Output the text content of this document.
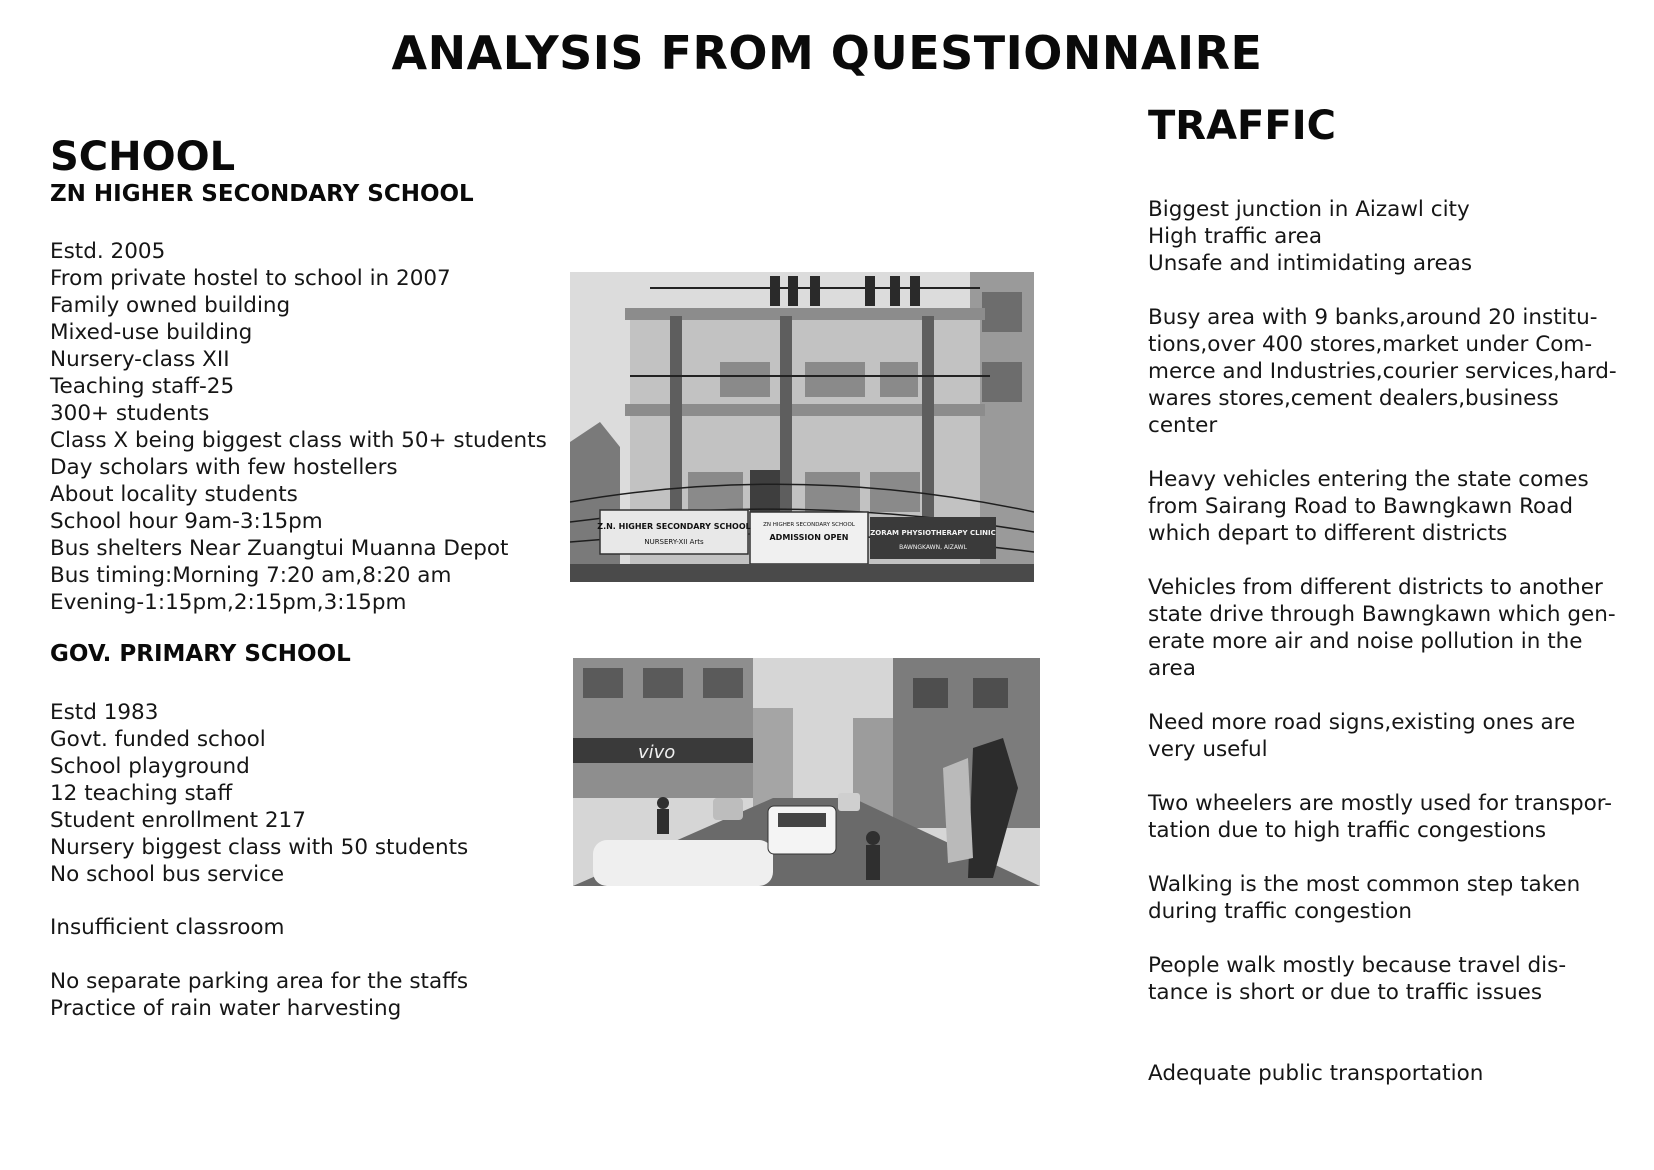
ANALYSIS FROM QUESTIONNAIRE
SCHOOL
ZN HIGHER SECONDARY SCHOOL
Estd. 2005
From private hostel to school in 2007
Family owned building
Mixed-use building
Nursery-class XII
Teaching staff-25
300+ students
Class X being biggest class with 50+ students
Day scholars with few hostellers
About locality students
School hour 9am-3:15pm
Bus shelters Near Zuangtui Muanna Depot
Bus timing:Morning 7:20 am,8:20 am
Evening-1:15pm,2:15pm,3:15pm
GOV. PRIMARY SCHOOL
Estd 1983
Govt. funded school
School playground
12 teaching staff
Student enrollment 217
Nursery biggest class with 50 students
No school bus service
Insufficient classroom
No separate parking area for the staffs
Practice of rain water harvesting
Z.N. HIGHER SECONDARY SCHOOL
NURSERY-XII Arts
ZN HIGHER SECONDARY SCHOOL
ADMISSION OPEN	ZORAM PHYSIOTHERAPY CLINIC
BAWNGKAWN, AIZAWL
vivo
TRAFFIC
Biggest junction in Aizawl city
High traffic area
Unsafe and intimidating areas
Busy area with 9 banks,around 20 institu-
tions,over 400 stores,market under Com-
merce and Industries,courier services,hard-
wares stores,cement dealers,business
center
Heavy vehicles entering the state comes
from Sairang Road to Bawngkawn Road
which depart to different districts
Vehicles from different districts to another
state drive through Bawngkawn which gen-
erate more air and noise pollution in the
area
Need more road signs,existing ones are
very useful
Two wheelers are mostly used for transpor-
tation due to high traffic congestions
Walking is the most common step taken
during traffic congestion
People walk mostly because travel dis-
tance is short or due to traffic issues
Adequate public transportation
